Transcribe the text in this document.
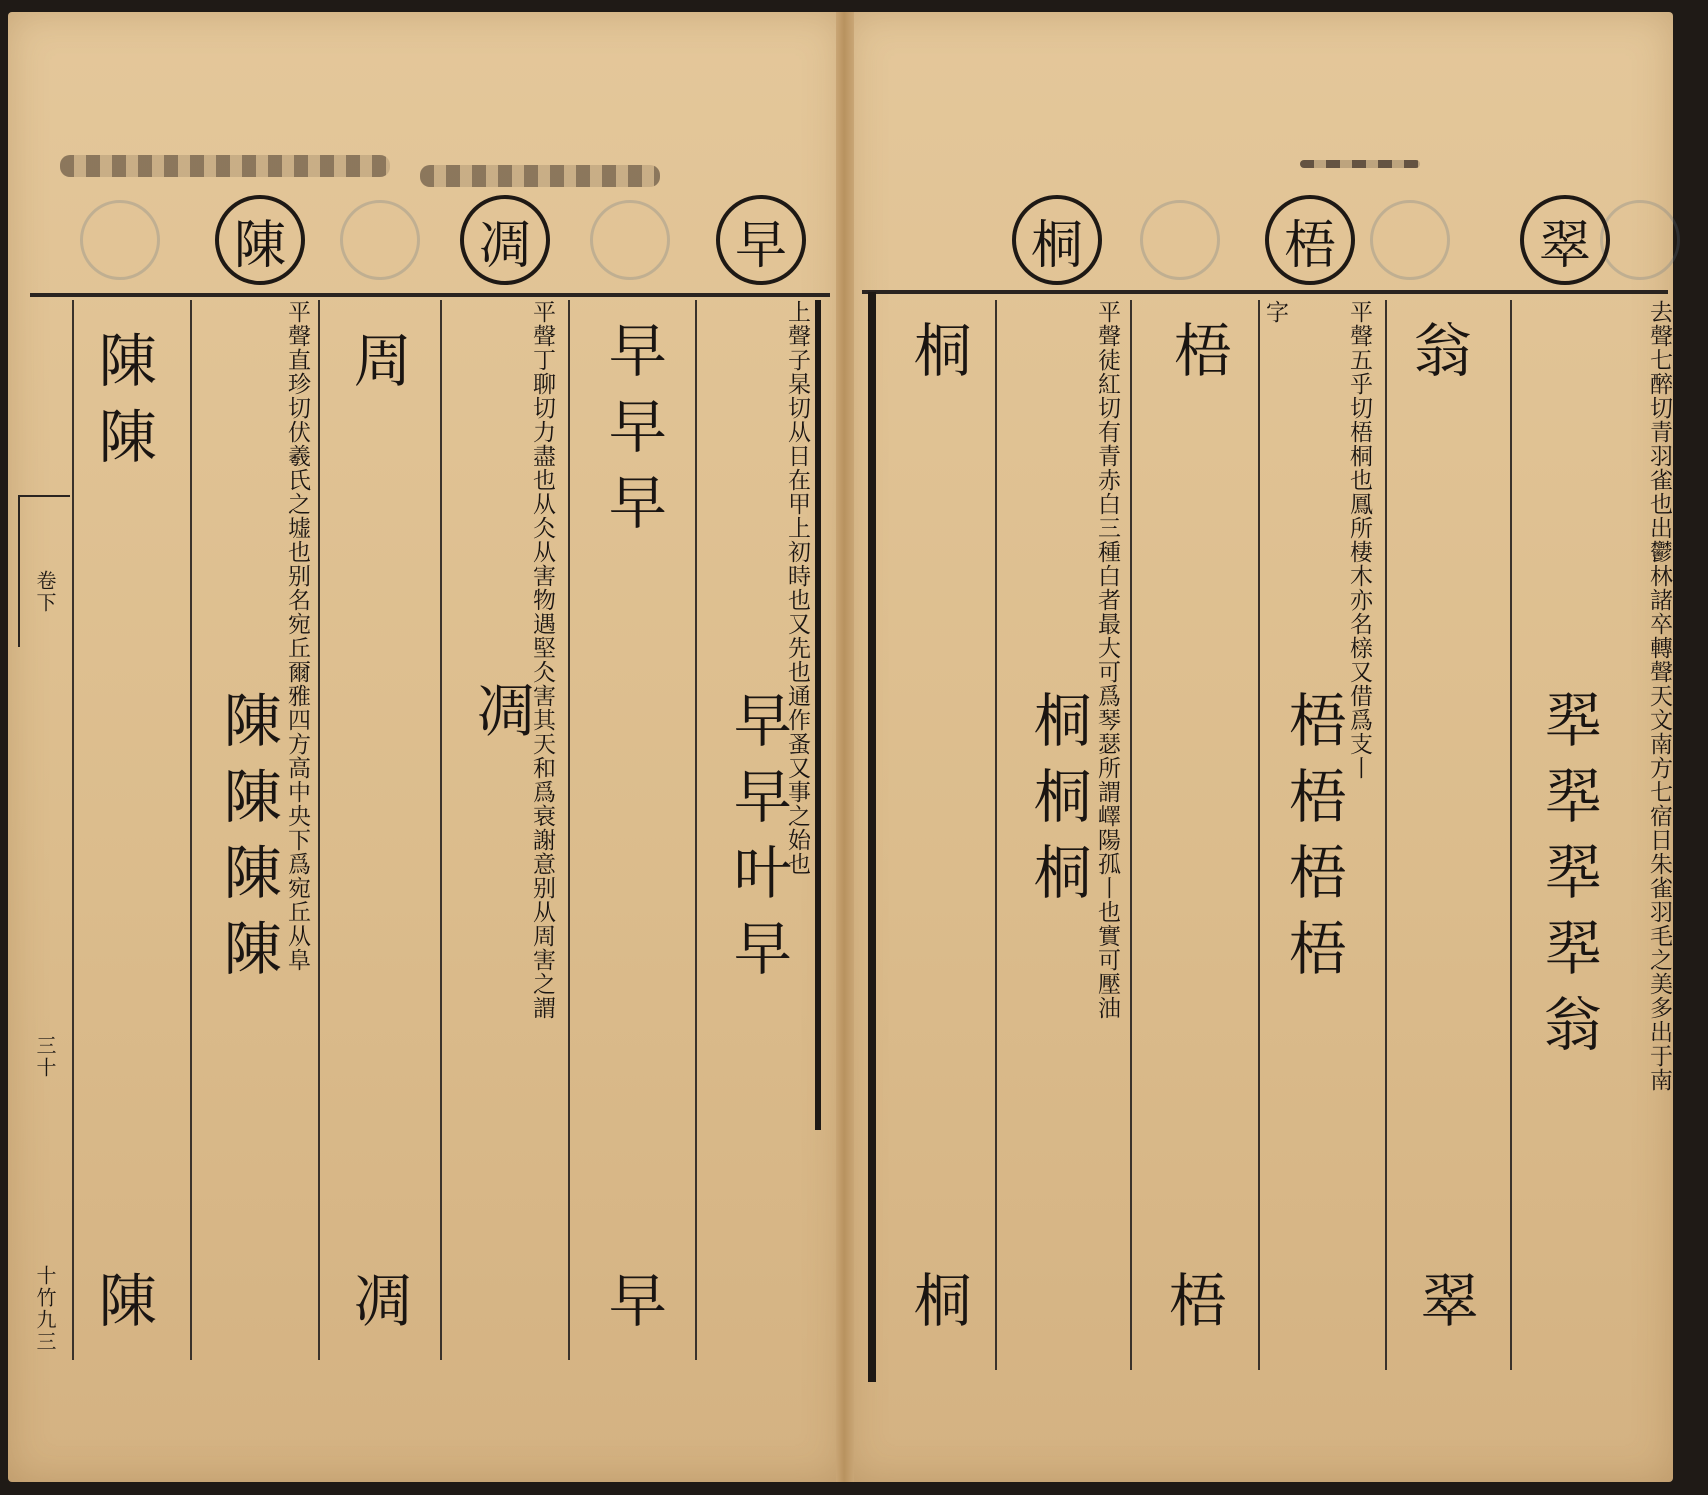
陳	凋	早	桐	梧	翠
去聲七醉切青羽雀也出鬱林諸卒轉聲天文南方七宿日朱雀羽毛之美多出于南
翆翆翆翆翁
翁
翠
平聲五乎切梧桐也鳳所棲木亦名榇又借爲支丨
字
梧
梧梧梧梧
梧
平聲徒紅切有青赤白三種白者最大可爲琴瑟所謂嶧陽孤丨也實可壓油
桐
桐桐桐
桐
上聲子杲切从日在甲上初時也又先也通作蚤又事之始也
早早早
早早叶早
早
平聲丁聊切力盡也从仌从害物遇堅仌害其天和爲衰謝意别从周害之謂
周
凋
凋
平聲直珍切伏羲氏之墟也别名宛丘爾雅四方高中央下爲宛丘从阜
陳陳
陳陳陳陳
陳
卷下
三十
十竹九三
